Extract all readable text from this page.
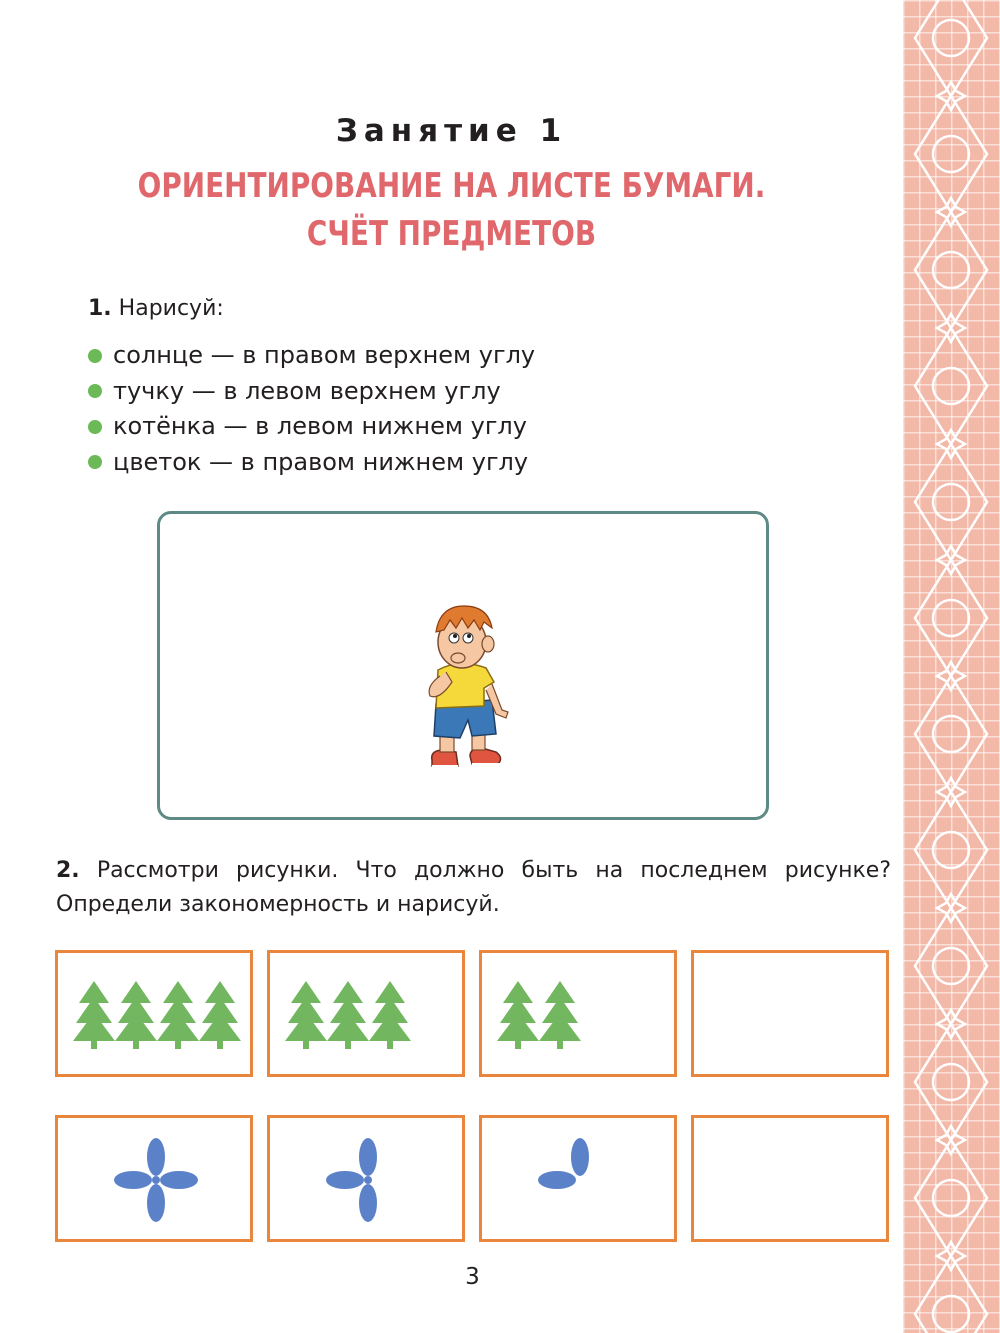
Занятие 1
ОРИЕНТИРОВАНИЕ НА ЛИСТЕ БУМАГИ.
СЧЁТ ПРЕДМЕТОВ
1. Нарисуй:
солнце — в правом верхнем углу
тучку — в левом верхнем углу
котёнка — в левом нижнем углу
цветок — в правом нижнем углу
2. Рассмотри рисунки. Что должно быть на последнем рисунке? Определи закономерность и нарисуй.
3
